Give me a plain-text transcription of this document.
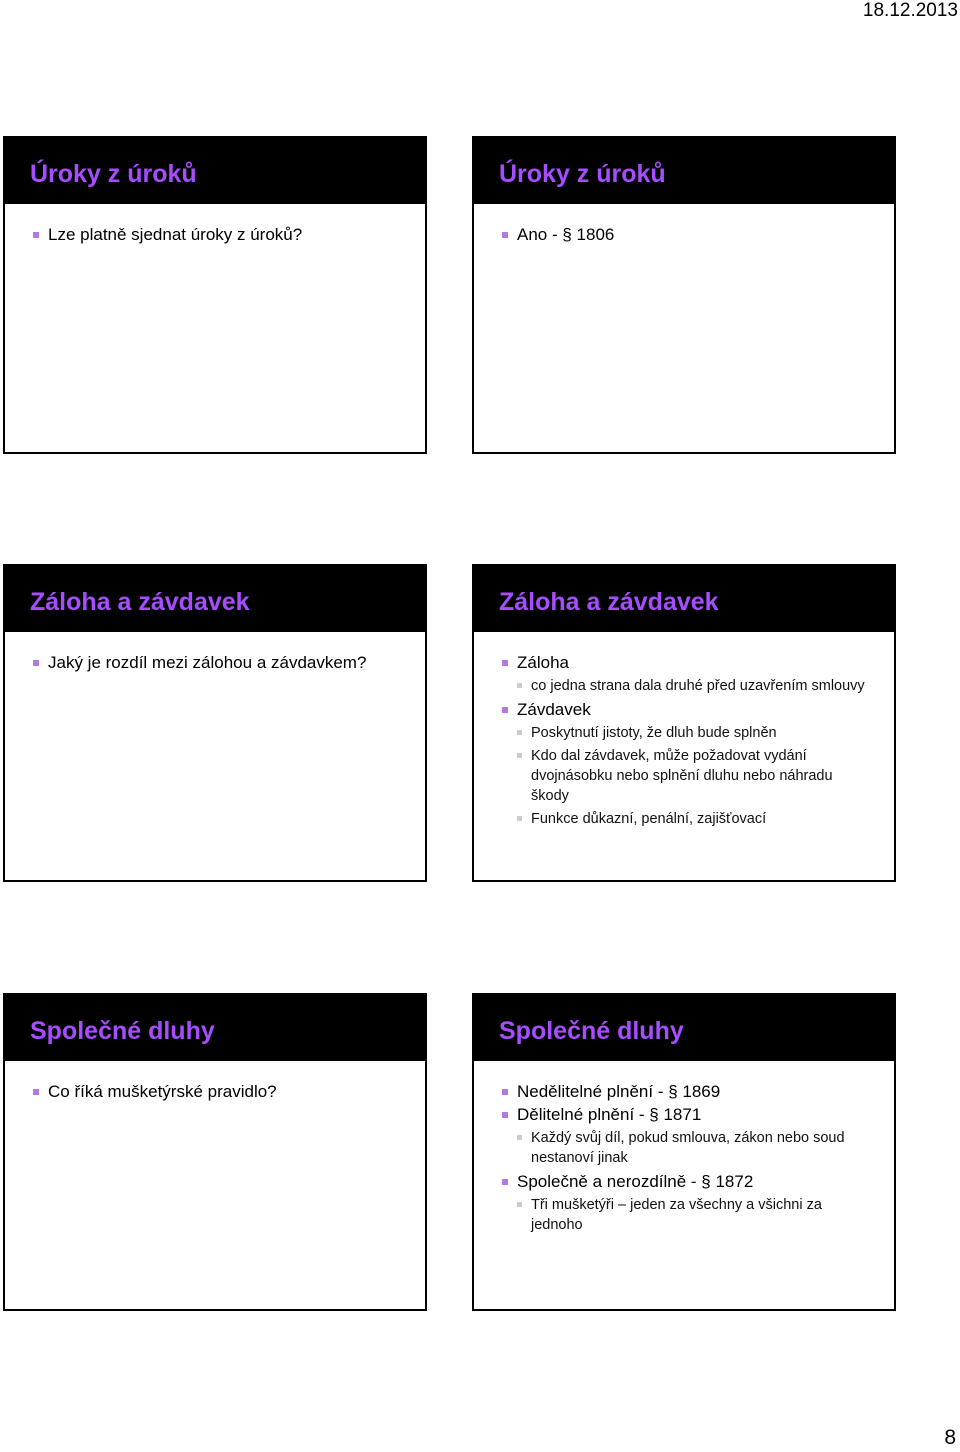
18.12.2013
Úroky z úroků
Lze platně sjednat úroky z úroků?
Úroky z úroků
Ano - § 1806
Záloha a závdavek
Jaký je rozdíl mezi zálohou a závdavkem?
Záloha a závdavek
Záloha
co jedna strana dala druhé před uzavřením smlouvy
Závdavek
Poskytnutí jistoty, že dluh bude splněn
Kdo dal závdavek, může požadovat vydání dvojnásobku nebo splnění dluhu nebo náhradu škody
Funkce důkazní, penální, zajišťovací
Společné dluhy
Co říká mušketýrské pravidlo?
Společné dluhy
Nedělitelné plnění - § 1869
Dělitelné plnění - § 1871
Každý svůj díl, pokud smlouva, zákon nebo soud nestanoví jinak
Společně a nerozdílně - § 1872
Tři mušketýři – jeden za všechny a všichni za jednoho
8
